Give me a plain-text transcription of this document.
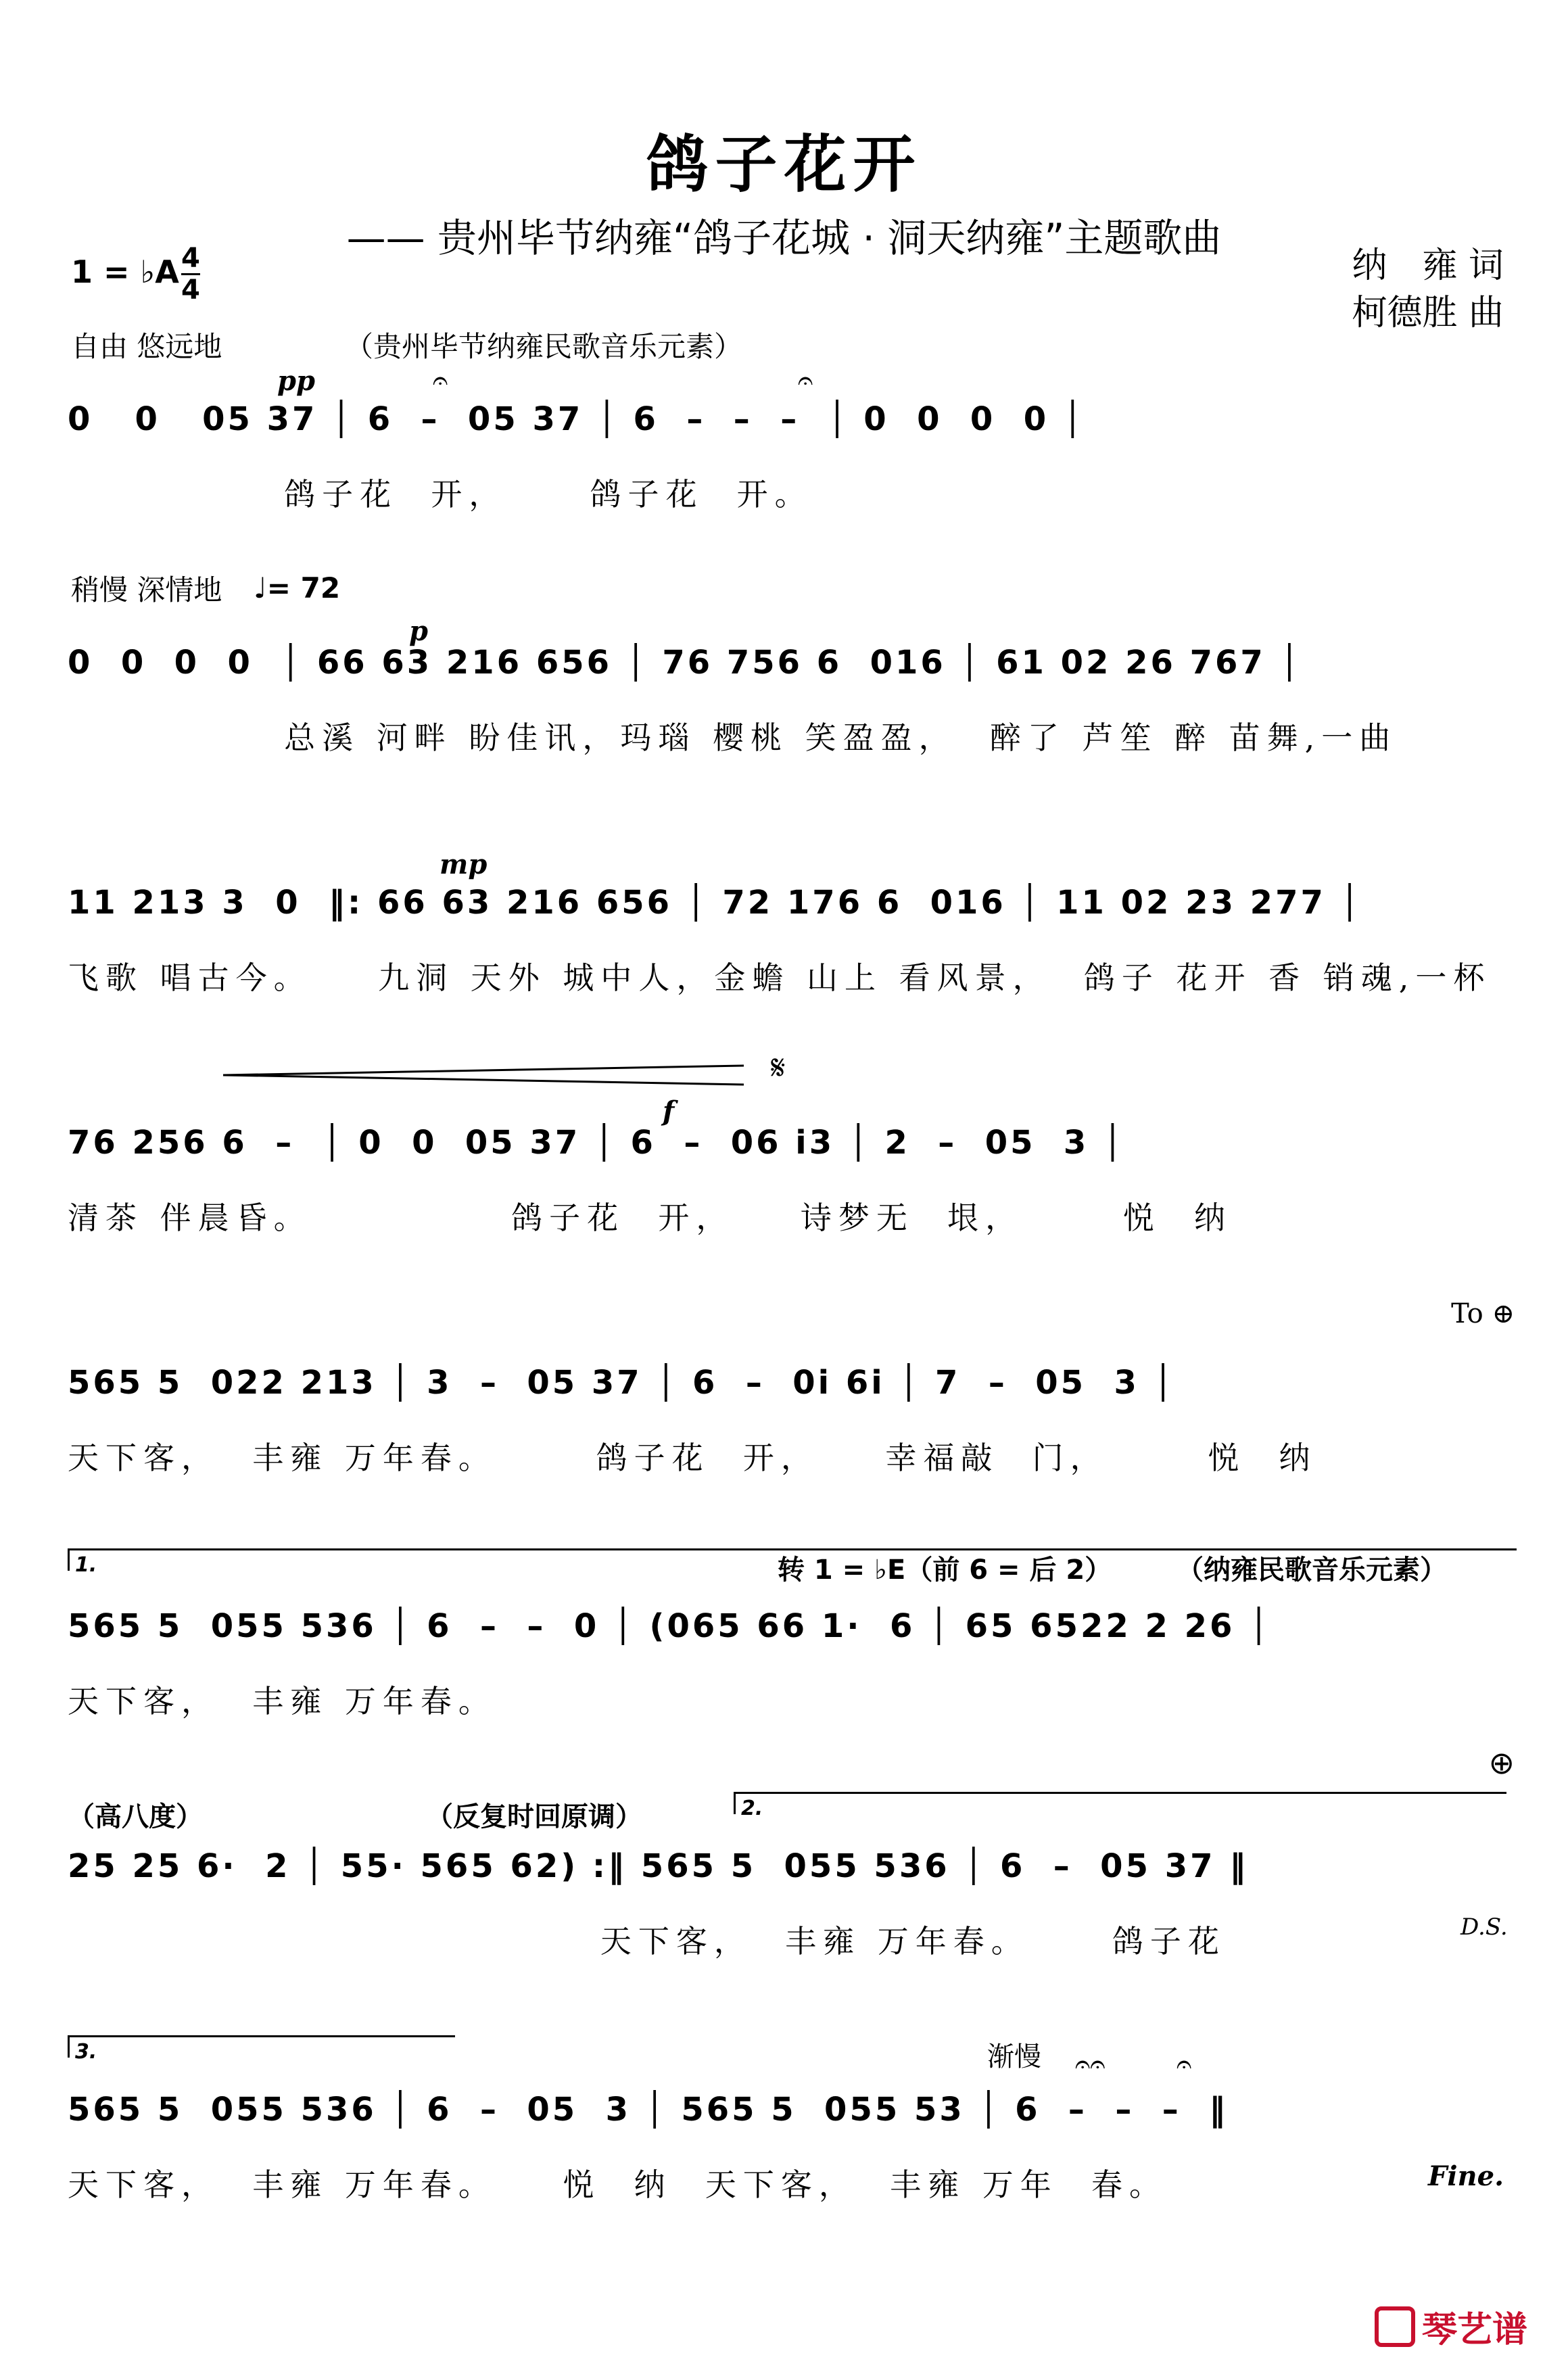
鸽子花开
—— 贵州毕节纳雍“鸽子花城 · 洞天纳雍”主题歌曲
纳　雍 词
柯德胜 曲
1 = ♭A 4
4
自由 悠远地	（贵州毕节纳雍民歌音乐元素）
pp	𝄐	𝄐
0   0   05 37 │ 6  –  05 37 │ 6  –  –  –  │ 0  0  0  0 │
鸽子花  开，     鸽子花  开。
稍慢 深情地 ♩= 72
p
0  0  0  0  │ 66 63 216 656 │ 76 756 6  016 │ 61 02 26 767 │
总溪 河畔 盼佳讯，玛瑙 樱桃 笑盈盈，  醉了 芦笙 醉 苗舞,一曲
mp
11 213 3  0  ‖: 66 63 216 656 │ 72 176 6  016 │ 11 02 23 277 │
飞歌 唱古今。    九洞 天外 城中人，金蟾 山上 看风景，  鸽子 花开 香 销魂,一杯
𝄋
f
76 256 6  –  │ 0  0  05 37 │ 6  –  06 i3 │ 2  –  05  3 │
清茶 伴晨昏。            鸽子花  开，    诗梦无  垠，      悦  纳
To ⊕
565 5  022 213 │ 3  –  05 37 │ 6  –  0i 6i │ 7  –  05  3 │
天下客，  丰雍 万年春。      鸽子花  开，    幸福敲  门，      悦  纳
1.	转 1 = ♭E（前 6 = 后 2） （纳雍民歌音乐元素）
565 5  055 536 │ 6  –  –  0 │ (065 66 1·  6 │ 65 6522 2 26 │
天下客，  丰雍 万年春。
⊕
2.
（高八度）	（反复时回原调）
D.S.
25 25 6·  2 │ 55· 565 62) :‖ 565 5  055 536 │ 6  –  05 37 ‖
天下客，  丰雍 万年春。     鸽子花
3.	渐慢 𝄐𝄐	𝄐
565 5  055 536 │ 6  –  05  3 │ 565 5  055 53 │ 6  –  –  –  ‖
天下客，  丰雍 万年春。    悦  纳  天下客，  丰雍 万年  春。	Fine.
琴艺谱
